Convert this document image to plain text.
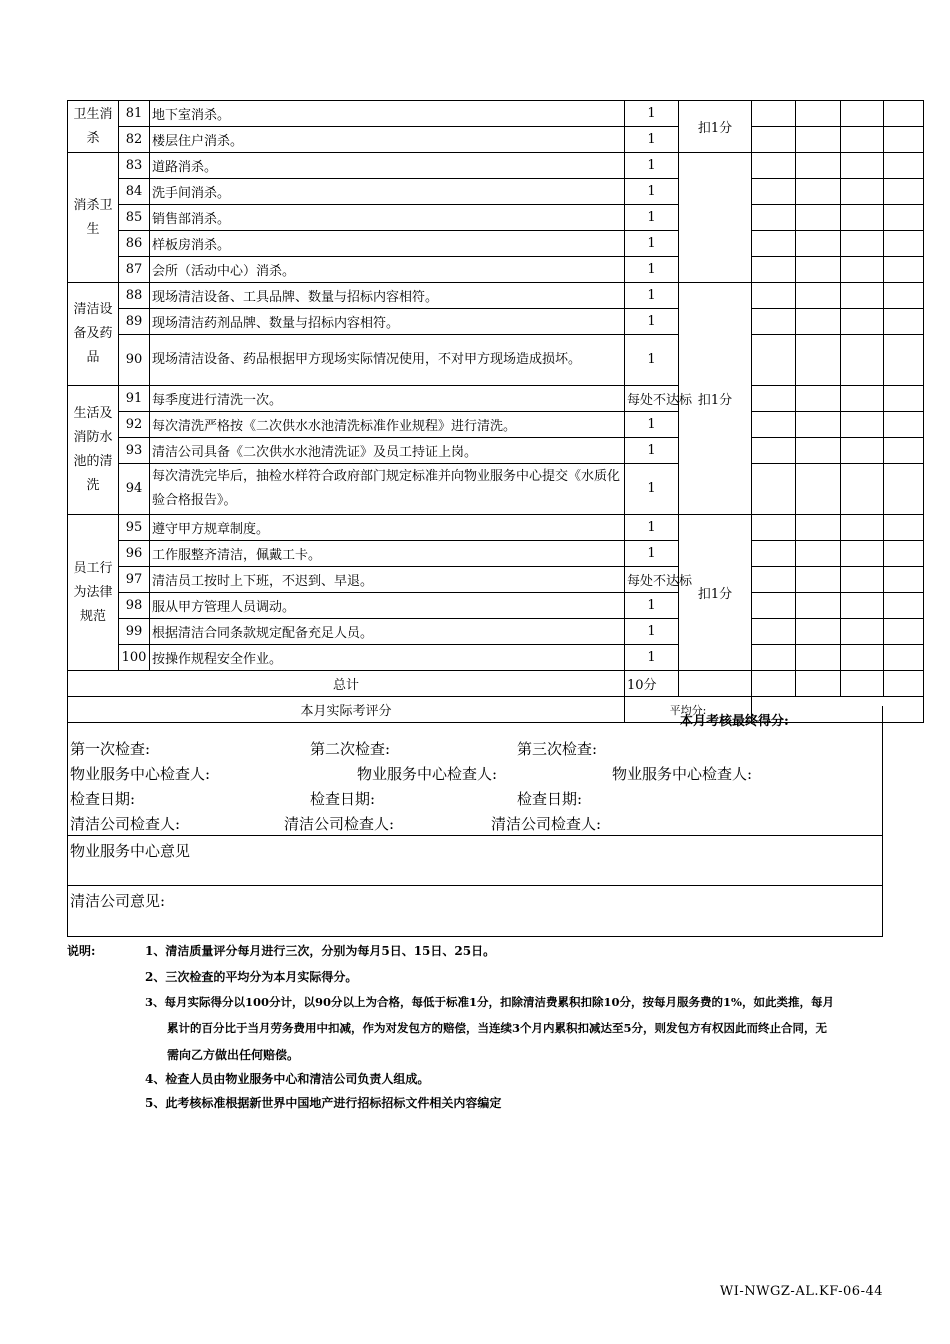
卫生消杀	81	地下室消杀。	1	扣1分				
	82	楼层住户消杀。	1					
消杀卫生	83	道路消杀。	1					
	84	洗手间消杀。	1					
	85	销售部消杀。	1					
	86	样板房消杀。	1					
	87	会所（活动中心）消杀。	1					
清洁设备及药品	88	现场清洁设备、工具品牌、数量与招标内容相符。	1	扣1分				
	89	现场清洁药剂品牌、数量与招标内容相符。	1					
	90	现场清洁设备、药品根据甲方现场实际情况使用，不对甲方现场造成损坏。	1					
生活及消防水池的清洗	91	每季度进行清洗一次。	每处不达标					
	92	每次清洗严格按《二次供水水池清洗标准作业规程》进行清洗。	1					
	93	清洁公司具备《二次供水水池清洗证》及员工持证上岗。	1					
	94	每次清洗完毕后，抽检水样符合政府部门规定标准并向物业服务中心提交《水质化验合格报告》。	1					
员工行为法律规范	95	遵守甲方规章制度。	1	扣1分				
	96	工作服整齐清洁，佩戴工卡。	1					
	97	清洁员工按时上下班，不迟到、早退。	每处不达标					
	98	服从甲方管理人员调动。	1					
	99	根据清洁合同条款规定配备充足人员。	1					
	100	按操作规程安全作业。	1					
总计			10分					
本月实际考评分			平均分:					
本月考核最终得分:
第一次检查:	第二次检查:	第三次检查:
物业服务中心检查人:	物业服务中心检查人:	物业服务中心检查人:
检查日期:	检查日期:	检查日期:
清洁公司检查人:	清洁公司检查人:	清洁公司检查人:
物业服务中心意见
清洁公司意见:
说明:	1、清洁质量评分每月进行三次，分别为每月5日、15日、25日。
2、三次检查的平均分为本月实际得分。
3、每月实际得分以100分计，以90分以上为合格，每低于标准1分，扣除清洁费累积扣除10分，按每月服务费的1%，如此类推，每月
累计的百分比于当月劳务费用中扣减，作为对发包方的赔偿，当连续3个月内累积扣减达至5分，则发包方有权因此而终止合同，无
需向乙方做出任何赔偿。
4、检查人员由物业服务中心和清洁公司负责人组成。
5、此考核标准根据新世界中国地产进行招标招标文件相关内容编定
WI-NWGZ-AL.KF-06-44
